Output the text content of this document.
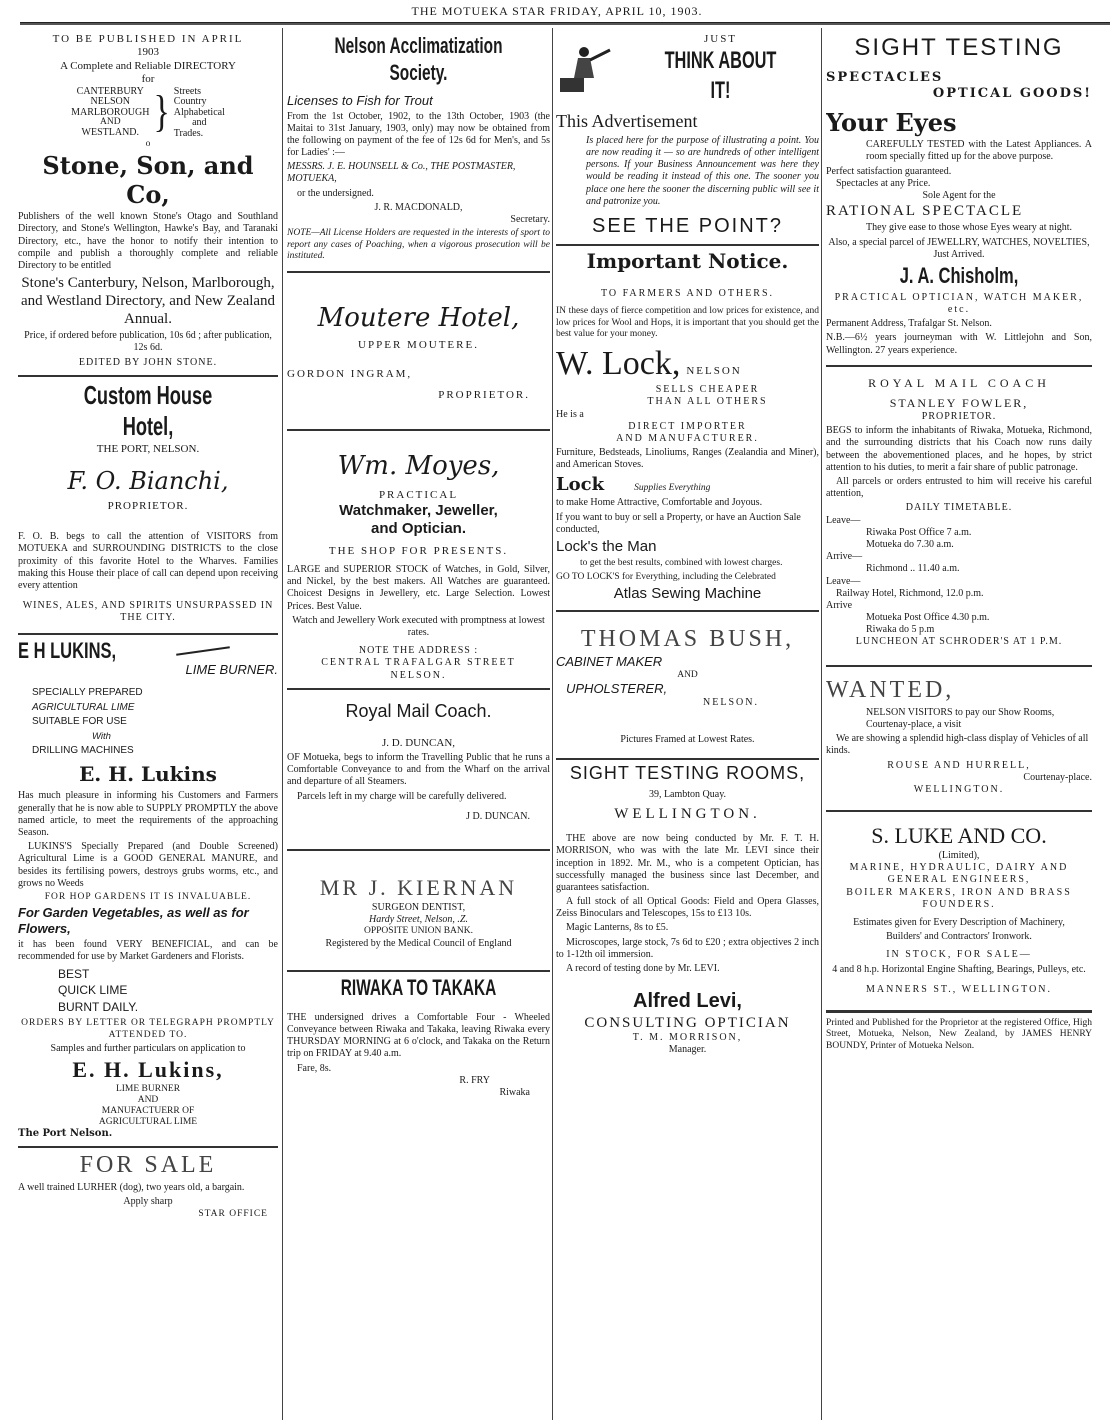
THE MOTUEKA STAR FRIDAY, APRIL 10, 1903.
TO BE PUBLISHED IN APRIL
1903
A Complete and Reliable DIRECTORY
for
CANTERBURY
NELSON
MARLBOROUGH
AND
WESTLAND. } Streets
Country
Alphabetical
and
Trades.
o
Stone, Son, and Co,

Publishers of the well known Stone's Otago and Southland Directory, and Stone's Wellington, Hawke's Bay, and Taranaki Directory, etc., have the honor to notify their intention to compile and publish a thoroughly complete and reliable Directory to be entitled

Stone's Canterbury, Nelson, Marlborough, and Westland Directory, and New Zealand Annual.

Price, if ordered before publication, 10s 6d ; after publication, 12s 6d.

EDITED BY JOHN STONE.
Custom House Hotel,
THE PORT, NELSON.
F. O. Bianchi,
PROPRIETOR.

F. O. B. begs to call the attention of VISITORS from MOTUEKA and SURROUNDING DISTRICTS to the close proximity of this favorite Hotel to the Wharves. Families making this House their place of call can depend upon receiving every attention

WINES, ALES, AND SPIRITS UNSURPASSED IN THE CITY.

E H LUKINS,
LIME BURNER.
SPECIALLY PREPARED
AGRICULTURAL LIME
SUITABLE FOR USE
With
DRILLING MACHINES
E. H. Lukins

Has much pleasure in informing his Customers and Farmers generally that he is now able to SUPPLY PROMPTLY the above named article, to meet the requirements of the approaching Season.

LUKINS'S Specially Prepared (and Double Screened) Agricultural Lime is a GOOD GENERAL MANURE, and besides its fertilising powers, destroys grubs worms, etc., and grows no Weeds

FOR HOP GARDENS IT IS INVALUABLE.

For Garden Vegetables, as well as for Flowers,

it has been found VERY BENEFICIAL, and can be recommended for use by Market Gardeners and Florists.

BEST
QUICK LIME
BURNT DAILY.

ORDERS BY LETTER OR TELEGRAPH PROMPTLY ATTENDED TO.

Samples and further particulars on application to

E. H. Lukins,
LIME BURNER
AND
MANUFACTUERR OF
AGRICULTURAL LIME
The Port Nelson.
FOR SALE

A well trained LURHER (dog), two years old, a bargain.

Apply sharp
STAR OFFICE
Nelson Acclimatization
Society.
Licenses to Fish for Trout

From the 1st October, 1902, to the 13th October, 1903 (the Maitai to 31st January, 1903, only) may now be obtained from the following on payment of the fee of 12s 6d for Men's, and 5s for Ladies' :—

MESSRS. J. E. HOUNSELL & Co., THE POSTMASTER, MOTUEKA,

or the undersigned.

J. R. MACDONALD,
Secretary.

NOTE—All License Holders are requested in the interests of sport to report any cases of Poaching, when a vigorous prosecution will be instituted.

Moutere Hotel,
UPPER MOUTERE.
GORDON INGRAM,
PROPRIETOR.
Wm. Moyes,
PRACTICAL
Watchmaker, Jeweller,
and Optician.
THE SHOP FOR PRESENTS.

LARGE and SUPERIOR STOCK of Watches, in Gold, Silver, and Nickel, by the best makers. All Watches are guaranteed. Choicest Designs in Jewellery, etc. Large Selection. Lowest Prices. Best Value.

Watch and Jewellery Work executed with promptness at lowest rates.

NOTE THE ADDRESS :
CENTRAL TRAFALGAR STREET
NELSON.
Royal Mail Coach.
J. D. DUNCAN,

OF Motueka, begs to inform the Travelling Public that he runs a Comfortable Conveyance to and from the Wharf on the arrival and departure of all Steamers.

Parcels left in my charge will be carefully delivered.

J D. DUNCAN.
MR J. KIERNAN
SURGEON DENTIST,
Hardy Street, Nelson, .Z.
OPPOSITE UNION BANK.
Registered by the Medical Council of England
RIWAKA TO TAKAKA

THE undersigned drives a Comfortable Four - Wheeled Conveyance between Riwaka and Takaka, leaving Riwaka every THURSDAY MORNING at 6 o'clock, and Takaka on the Return trip on FRIDAY at 9.40 a.m.

Fare, 8s.
R. FRY
Riwaka
JUST
THINK ABOUT IT!
This Advertisement

Is placed here for the purpose of illustrating a point. You are now reading it — so are hundreds of other intelligent persons. If your Business Announcement was here they would be reading it instead of this one. The sooner you place one here the sooner the discerning public will see it and patronize you.

SEE THE POINT?
Important Notice.
TO FARMERS AND OTHERS.

IN these days of fierce competition and low prices for existence, and low prices for Wool and Hops, it is important that you should get the best value for your money.

W. Lock, NELSON
SELLS CHEAPER
THAN ALL OTHERS
He is a
DIRECT IMPORTER
AND MANUFACTURER.

Furniture, Bedsteads, Linoliums, Ranges (Zealandia and Miner), and American Stoves.

Lock	Supplies Everything

to make Home Attractive, Comfortable and Joyous.

If you want to buy or sell a Property, or have an Auction Sale conducted,

Lock's the Man

to get the best results, combined with lowest charges.

GO TO LOCK'S for Everything, including the Celebrated

Atlas Sewing Machine
THOMAS BUSH,
CABINET MAKER
AND
UPHOLSTERER,
NELSON.
Pictures Framed at Lowest Rates.
SIGHT TESTING ROOMS,
39, Lambton Quay.
WELLINGTON.

THE above are now being conducted by Mr. F. T. H. MORRISON, who was with the late Mr. LEVI since their inception in 1892. Mr. M., who is a competent Optician, has successfully managed the business since last December, and guarantees satisfaction.

A full stock of all Optical Goods: Field and Opera Glasses, Zeiss Binoculars and Telescopes, 15s to £13 10s.

Magic Lanterns, 8s to £5.

Microscopes, large stock, 7s 6d to £20 ; extra objectives 2 inch to 1-12th oil immersion.

A record of testing done by Mr. LEVI.

Alfred Levi,
CONSULTING OPTICIAN
T. M. MORRISON,
Manager.
SIGHT TESTING
SPECTACLES
OPTICAL GOODS!
Your Eyes

CAREFULLY TESTED with the Latest Appliances. A room specially fitted up for the above purpose.

Perfect satisfaction guaranteed.
Spectacles at any Price.
Sole Agent for the
RATIONAL SPECTACLE

They give ease to those whose Eyes weary at night.

Also, a special parcel of JEWELLRY, WATCHES, NOVELTIES, Just Arrived.

J. A. Chisholm,

PRACTICAL OPTICIAN, WATCH MAKER, etc.

Permanent Address, Trafalgar St. Nelson.

N.B.—6½ years journeyman with W. Littlejohn and Son, Wellington. 27 years experience.

ROYAL MAIL COACH
STANLEY FOWLER,
PROPRIETOR.

BEGS to inform the inhabitants of Riwaka, Motueka, Richmond, and the surrounding districts that his Coach now runs daily between the abovementioned places, and he hopes, by strict attention to his duties, to merit a fair share of public patronage.

All parcels or orders entrusted to him will receive his careful attention,

DAILY TIMETABLE.
Leave—
Riwaka Post Office 7 a.m.
Motueka do 7.30 a.m.
Arrive—
Richmond .. 11.40 a.m.
Leave—
Railway Hotel, Richmond, 12.0 p.m.
Arrive
Motueka Post Office 4.30 p.m.
Riwaka do 5 p.m
LUNCHEON AT SCHRODER'S AT 1 P.M.
WANTED,

NELSON VISITORS to pay our Show Rooms, Courtenay-place, a visit

We are showing a splendid high-class display of Vehicles of all kinds.

ROUSE AND HURRELL,
Courtenay-place.
WELLINGTON.
S. LUKE AND CO.
(Limited),
MARINE, HYDRAULIC, DAIRY AND GENERAL ENGINEERS,
BOILER MAKERS, IRON AND BRASS FOUNDERS.

Estimates given for Every Description of Machinery,

Builders' and Contractors' Ironwork.

IN STOCK, FOR SALE—

4 and 8 h.p. Horizontal Engine Shafting, Bearings, Pulleys, etc.

MANNERS ST., WELLINGTON.

Printed and Published for the Proprietor at the registered Office, High Street, Motueka, Nelson, New Zealand, by JAMES HENRY BOUNDY, Printer of Motueka Nelson.
